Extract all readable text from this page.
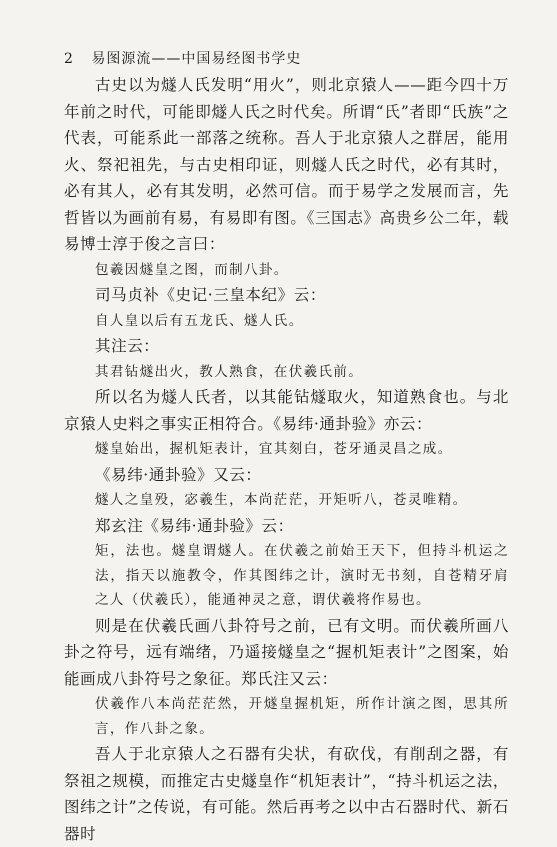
2 易图源流——中国易经图书学史

古史以为燧人氏发明“用火”，则北京猿人——距今四十万年前之时代，可能即燧人氏之时代矣。所谓“氏”者即“氏族”之代表，可能系此一部落之统称。吾人于北京猿人之群居，能用火、祭祀祖先，与古史相印证，则燧人氏之时代，必有其时，必有其人，必有其发明，必然可信。而于易学之发展而言，先哲皆以为画前有易，有易即有图。《三国志》高贵乡公二年，载易博士淳于俊之言曰：

包羲因燧皇之图，而制八卦。

司马贞补《史记·三皇本纪》云：

自人皇以后有五龙氏、燧人氏。

其注云：

其君钻燧出火，教人熟食，在伏羲氏前。

所以名为燧人氏者，以其能钻燧取火，知道熟食也。与北京猿人史料之事实正相符合。《易纬·通卦验》亦云：

燧皇始出，握机矩表计，宜其刻白，苍牙通灵昌之成。

《易纬·通卦验》又云：

燧人之皇殁，宓羲生，本尚茫茫，开矩听八，苍灵唯精。

郑玄注《易纬·通卦验》云：

矩，法也。燧皇谓燧人。在伏羲之前始王天下，但持斗机运之法，指天以施教令，作其图纬之计，演时无书刻，自苍精牙肩之人（伏羲氏），能通神灵之意，谓伏羲将作易也。

则是在伏羲氏画八卦符号之前，已有文明。而伏羲所画八卦之符号，远有端绪，乃遥接燧皇之“握机矩表计”之图案，始能画成八卦符号之象征。郑氏注又云：

伏羲作八本尚茫茫然，开燧皇握机矩，所作计演之图，思其所言，作八卦之象。

吾人于北京猿人之石器有尖状，有砍伐，有削刮之器，有祭祖之规模，而推定古史燧皇作“机矩表计”，“持斗机运之法，图纬之计”之传说，有可能。然后再考之以中古石器时代、新石器时
